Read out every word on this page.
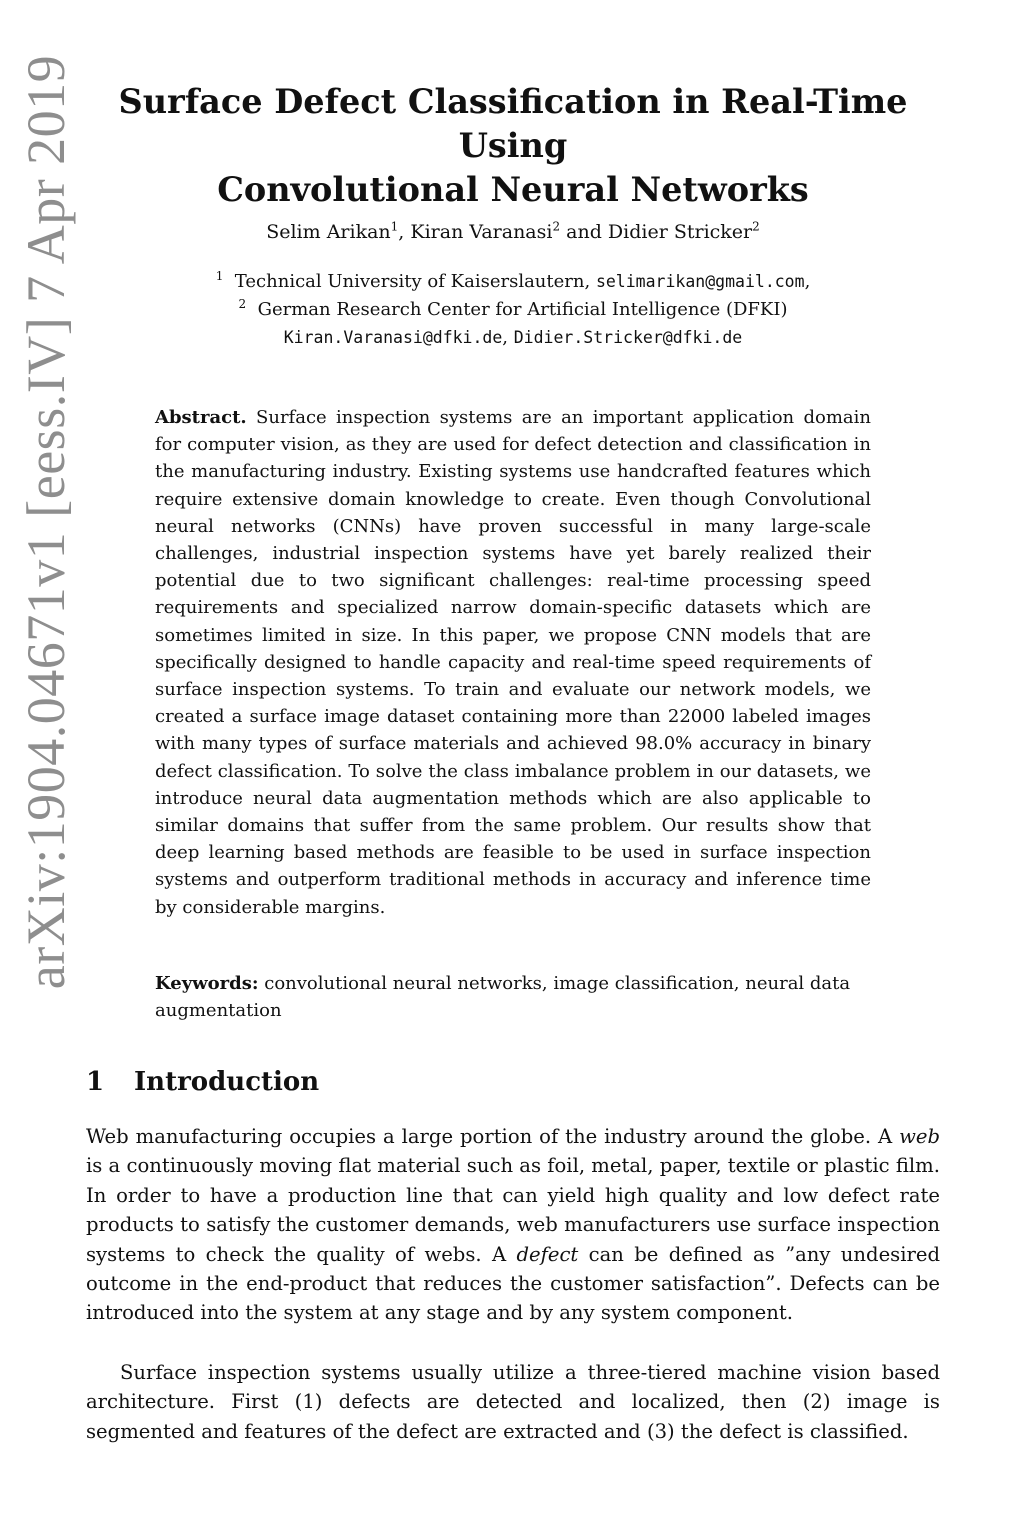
arXiv:1904.04671v1 [eess.IV] 7 Apr 2019	Surface Defect Classification in Real-Time Using
Convolutional Neural Networks
Selim Arikan$^1$, Kiran Varanasi$^2$ and Didier Stricker$^2$
$^1$ Technical University of Kaiserslautern, selimarikan@gmail.com,
$^2$ German Research Center for Artificial Intelligence (DFKI)
Kiran.Varanasi@dfki.de, Didier.Stricker@dfki.de
Abstract. Surface inspection systems are an important application domain for computer vision, as they are used for defect detection and classification in the manufacturing industry. Existing systems use handcrafted features which require extensive domain knowledge to create. Even though Convolutional neural networks (CNNs) have proven successful in many large-scale challenges, industrial inspection systems have yet barely realized their potential due to two significant challenges: real-time processing speed requirements and specialized narrow domain-specific datasets which are sometimes limited in size. In this paper, we propose CNN models that are specifically designed to handle capacity and real-time speed requirements of surface inspection systems. To train and evaluate our network models, we created a surface image dataset containing more than 22000 labeled images with many types of surface materials and achieved 98.0% accuracy in binary defect classification. To solve the class imbalance problem in our datasets, we introduce neural data augmentation methods which are also applicable to similar domains that suffer from the same problem. Our results show that deep learning based methods are feasible to be used in surface inspection systems and outperform traditional methods in accuracy and inference time by considerable margins.
Keywords: convolutional neural networks, image classification, neural data augmentation
1 Introduction
Web manufacturing occupies a large portion of the industry around the globe. A web is a continuously moving flat material such as foil, metal, paper, textile or plastic film. In order to have a production line that can yield high quality and low defect rate products to satisfy the customer demands, web manufacturers use surface inspection systems to check the quality of webs. A defect can be defined as ”any undesired outcome in the end-product that reduces the customer satisfaction”. Defects can be introduced into the system at any stage and by any system component.
Surface inspection systems usually utilize a three-tiered machine vision based architecture. First (1) defects are detected and localized, then (2) image is segmented and features of the defect are extracted and (3) the defect is classified.
